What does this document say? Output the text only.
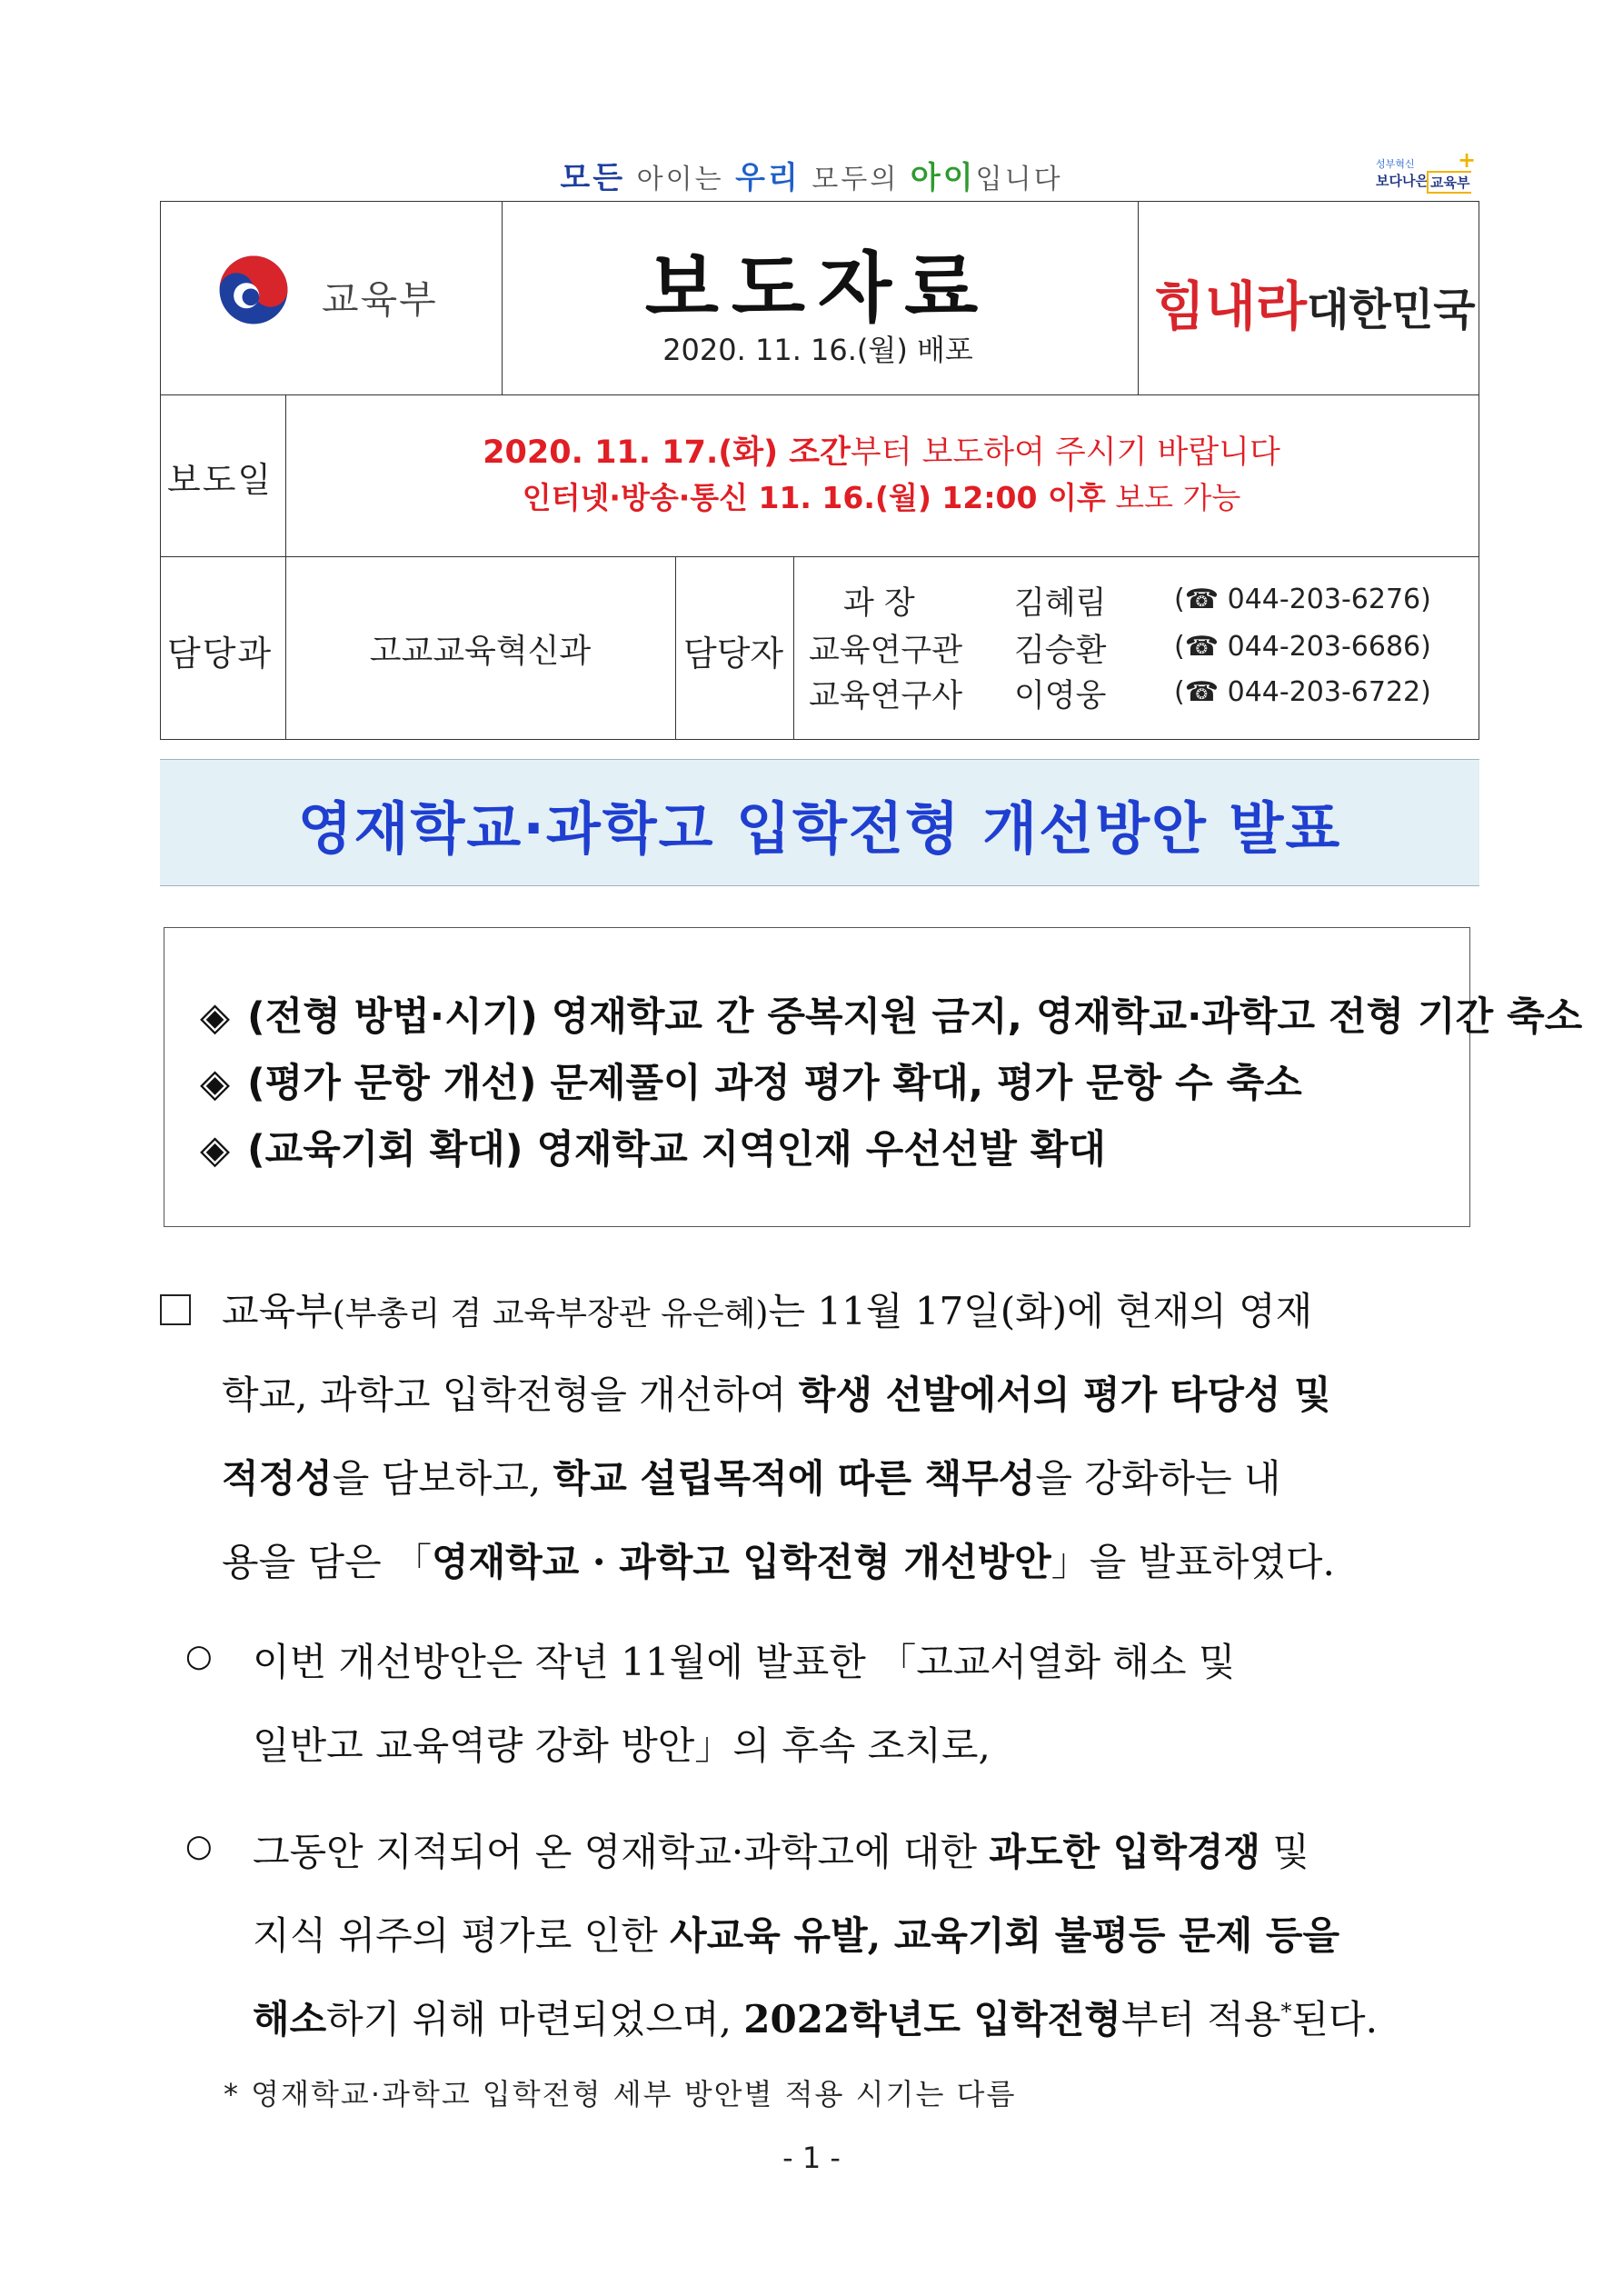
모든 아이는 우리 모두의 아이입니다	성부혁신
보다나은 교육부
+
교육부	보도자료
2020. 11. 16.(월) 배포
힘내라대한민국
보도일
2020. 11. 17.(화) 조간부터 보도하여 주시기 바랍니다
인터넷·방송·통신 11. 16.(월) 12:00 이후 보도 가능
담당과	고교교육혁신과	담당자
과 장	김혜림 (☎ 044-203-6276)
교육연구관 김승환 (☎ 044-203-6686)
교육연구사 이영웅 (☎ 044-203-6722)
영재학교·과학고 입학전형 개선방안 발표
◈ (전형 방법·시기) 영재학교 간 중복지원 금지, 영재학교·과학고 전형 기간 축소
◈ (평가 문항 개선) 문제풀이 과정 평가 확대, 평가 문항 수 축소
◈ (교육기회 확대) 영재학교 지역인재 우선선발 확대
교육부(부총리 겸 교육부장관 유은혜)는 11월 17일(화)에 현재의 영재
학교, 과학고 입학전형을 개선하여 학생 선발에서의 평가 타당성 및
적정성을 담보하고, 학교 설립목적에 따른 책무성을 강화하는 내
용을 담은 「영재학교 · 과학고 입학전형 개선방안」을 발표하였다.
○ 이번 개선방안은 작년 11월에 발표한 「고교서열화 해소 및
일반고 교육역량 강화 방안」의 후속 조치로,
○ 그동안 지적되어 온 영재학교·과학고에 대한 과도한 입학경쟁 및
지식 위주의 평가로 인한 사교육 유발, 교육기회 불평등 문제 등을
해소하기 위해 마련되었으며, 2022학년도 입학전형부터 적용*된다.
* 영재학교·과학고 입학전형 세부 방안별 적용 시기는 다름
- 1 -
